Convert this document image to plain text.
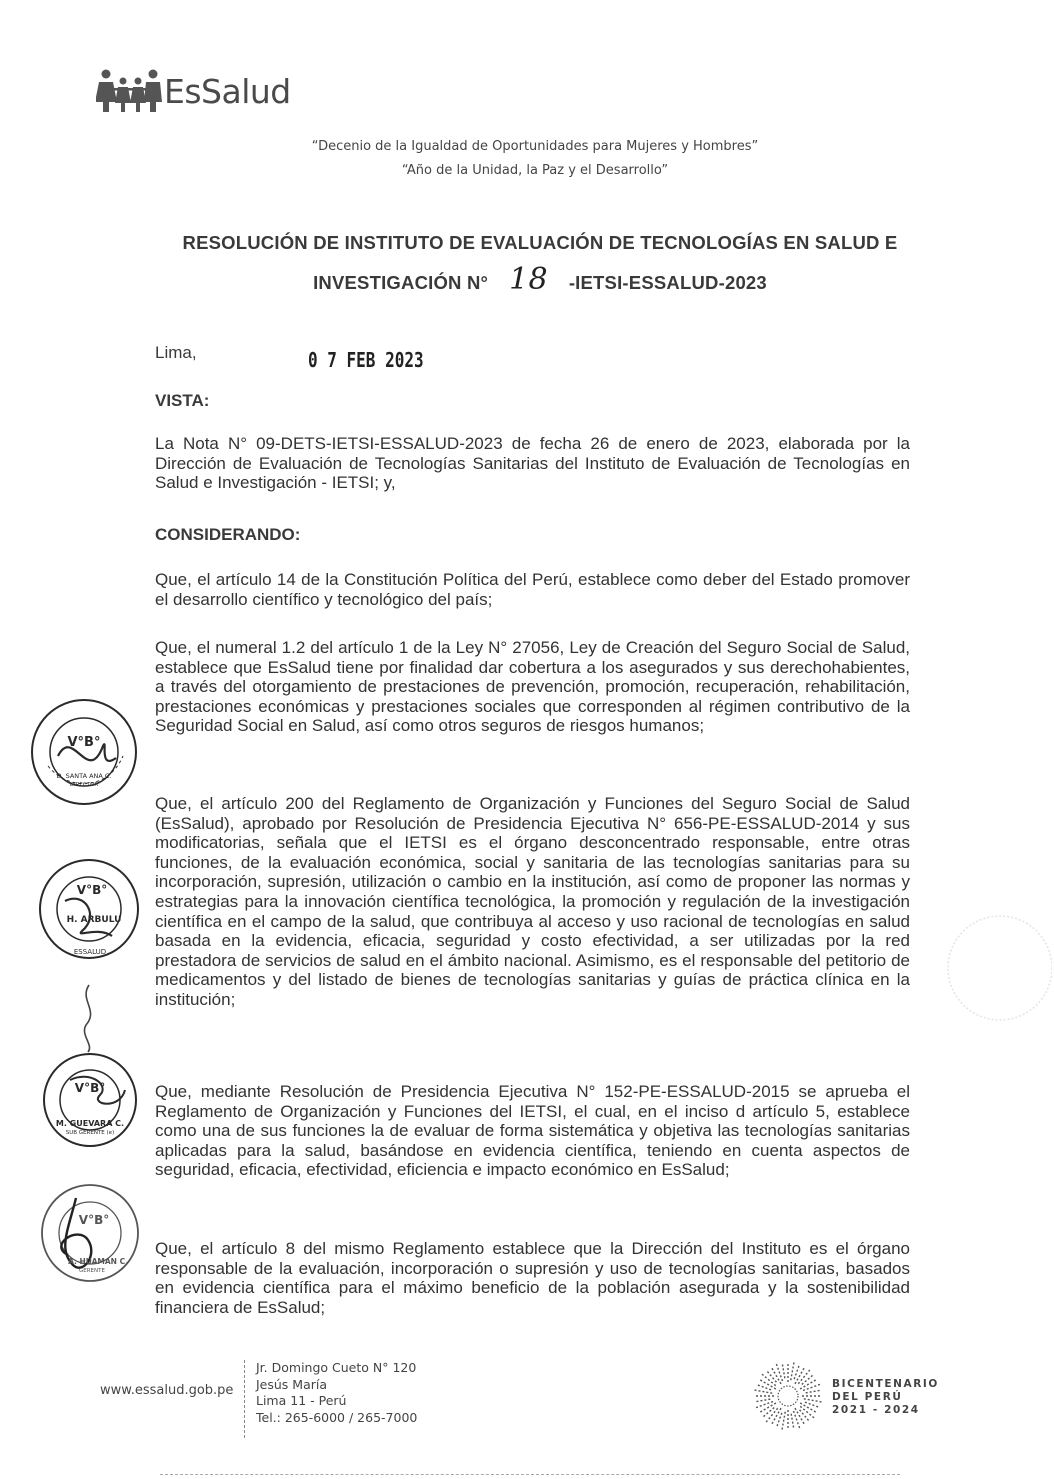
EsSalud
“Decenio de la Igualdad de Oportunidades para Mujeres y Hombres”
“Año de la Unidad, la Paz y el Desarrollo”
RESOLUCIÓN DE INSTITUTO DE EVALUACIÓN DE TECNOLOGÍAS EN SALUD E
INVESTIGACIÓN N° 18 -IETSI-ESSALUD-2023
Lima,	0 7 FEB 2023
VISTA:
La Nota N° 09-DETS-IETSI-ESSALUD-2023 de fecha 26 de enero de 2023, elaborada por la Dirección de Evaluación de Tecnologías Sanitarias del Instituto de Evaluación de Tecnologías en Salud e Investigación - IETSI; y,
CONSIDERANDO:
Que, el artículo 14 de la Constitución Política del Perú, establece como deber del Estado promover el desarrollo científico y tecnológico del país;
Que, el numeral 1.2 del artículo 1 de la Ley N° 27056, Ley de Creación del Seguro Social de Salud, establece que EsSalud tiene por finalidad dar cobertura a los asegurados y sus derechohabientes, a través del otorgamiento de prestaciones de prevención, promoción, recuperación, rehabilitación, prestaciones económicas y prestaciones sociales que corresponden al régimen contributivo de la Seguridad Social en Salud, así como otros seguros de riesgos humanos;
Que, el artículo 200 del Reglamento de Organización y Funciones del Seguro Social de Salud (EsSalud), aprobado por Resolución de Presidencia Ejecutiva N° 656-PE-ESSALUD-2014 y sus modificatorias, señala que el IETSI es el órgano desconcentrado responsable, entre otras funciones, de la evaluación económica, social y sanitaria de las tecnologías sanitarias para su incorporación, supresión, utilización o cambio en la institución, así como de proponer las normas y estrategias para la innovación científica tecnológica, la promoción y regulación de la investigación científica en el campo de la salud, que contribuya al acceso y uso racional de tecnologías en salud basada en la evidencia, eficacia, seguridad y costo efectividad, a ser utilizadas por la red prestadora de servicios de salud en el ámbito nacional. Asimismo, es el responsable del petitorio de medicamentos y del listado de bienes de tecnologías sanitarias y guías de práctica clínica en la institución;
Que, mediante Resolución de Presidencia Ejecutiva N° 152-PE-ESSALUD-2015 se aprueba el Reglamento de Organización y Funciones del IETSI, el cual, en el inciso d artículo 5, establece como una de sus funciones la de evaluar de forma sistemática y objetiva las tecnologías sanitarias aplicadas para la salud, basándose en evidencia científica, teniendo en cuenta aspectos de seguridad, eficacia, efectividad, eficiencia e impacto económico en EsSalud;
Que, el artículo 8 del mismo Reglamento establece que la Dirección del Instituto es el órgano responsable de la evaluación, incorporación o supresión y uso de tecnologías sanitarias, basados en evidencia científica para el máximo beneficio de la población asegurada y la sostenibilidad financiera de EsSalud;
V°B°
D. SANTA ANA C.
DIRECTOR
V°B°
H. ARBULU
ESSALUD
V°B°
M. GUEVARA C.
SUB GERENTE (e)
V°B°
A. HUAMAN C.
GERENTE
www.essalud.gob.pe
Jr. Domingo Cueto N° 120
Jesús María
Lima 11 - Perú
Tel.: 265-6000 / 265-7000
BICENTENARIO
DEL PERÚ
2021 - 2024
